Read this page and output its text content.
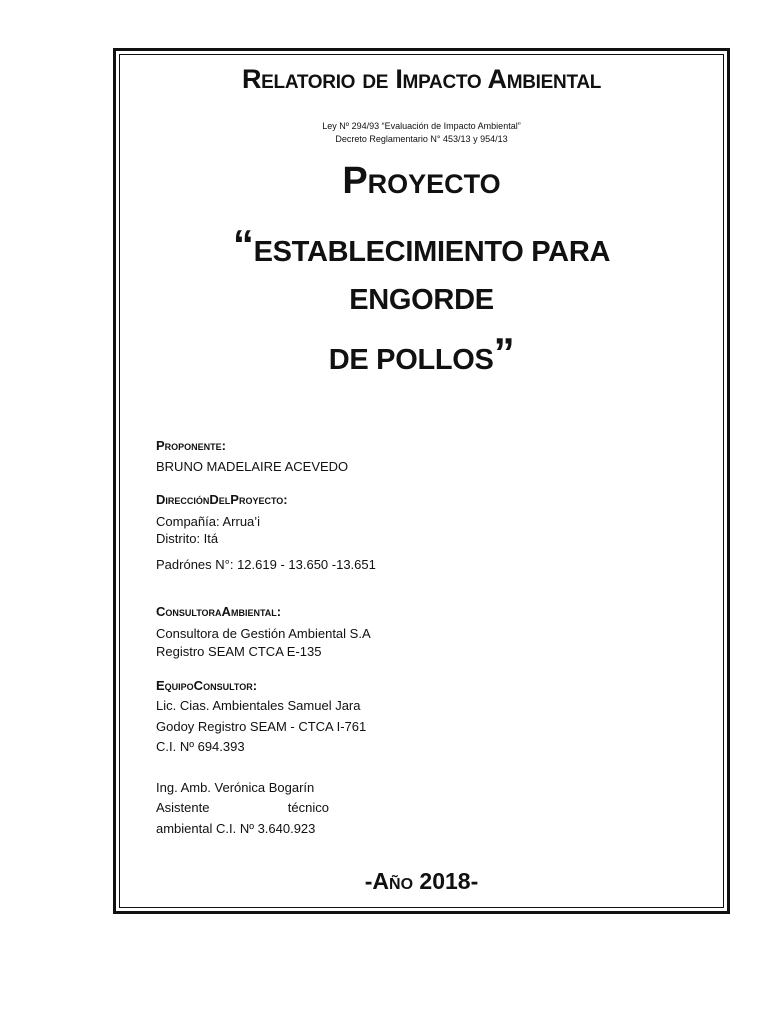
Relatorio de Impacto Ambiental
Ley Nº 294/93 “Evaluación de Impacto Ambiental”
Decreto Reglamentario N° 453/13 y 954/13
Proyecto
“ESTABLECIMIENTO PARA
ENGORDE
DE POLLOS”
Proponente:
BRUNO MADELAIRE ACEVEDO
DirecciónDelProyecto:
Compañía: Arrua’i
Distrito: Itá
Padrónes N°: 12.619 - 13.650 -13.651
ConsultoraAmbiental:
Consultora de Gestión Ambiental S.A
Registro SEAM CTCA E-135
EquipoConsultor:
Lic. Cias. Ambientales Samuel Jara
Godoy Registro SEAM - CTCA I-761
C.I. Nº 694.393
Ing. Amb. Verónica Bogarín
Asistente técnico
ambiental C.I. Nº 3.640.923
-Año 2018-
